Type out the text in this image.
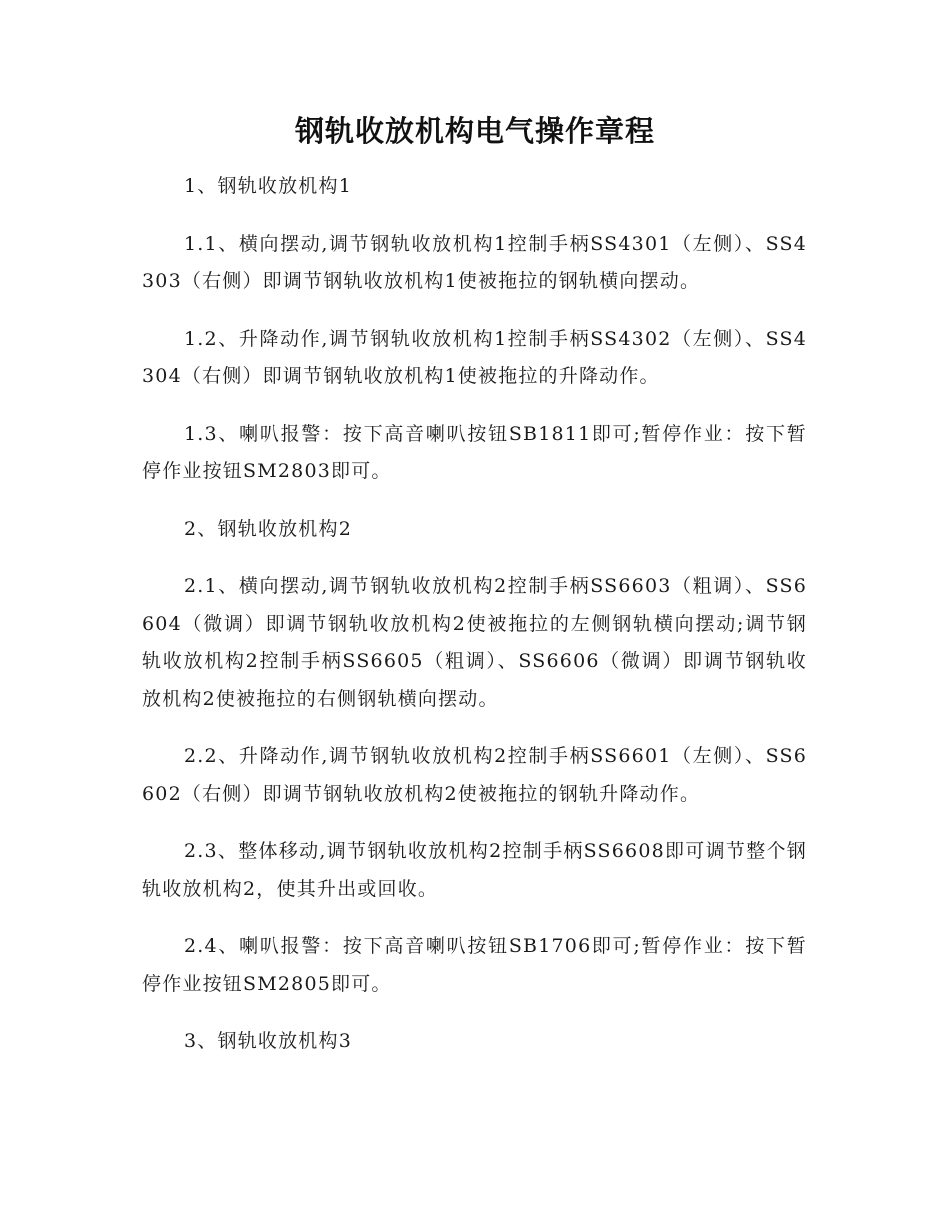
钢轨收放机构电气操作章程

1、钢轨收放机构1

1.1、横向摆动,调节钢轨收放机构1控制手柄SS4301（左侧）、SS4303（右侧）即调节钢轨收放机构1使被拖拉的钢轨横向摆动。

1.2、升降动作,调节钢轨收放机构1控制手柄SS4302（左侧）、SS4304（右侧）即调节钢轨收放机构1使被拖拉的升降动作。

1.3、喇叭报警：按下高音喇叭按钮SB1811即可;暂停作业：按下暂停作业按钮SM2803即可。

2、钢轨收放机构2

2.1、横向摆动,调节钢轨收放机构2控制手柄SS6603（粗调）、SS6604（微调）即调节钢轨收放机构2使被拖拉的左侧钢轨横向摆动;调节钢轨收放机构2控制手柄SS6605（粗调）、SS6606（微调）即调节钢轨收放机构2使被拖拉的右侧钢轨横向摆动。

2.2、升降动作,调节钢轨收放机构2控制手柄SS6601（左侧）、SS6602（右侧）即调节钢轨收放机构2使被拖拉的钢轨升降动作。

2.3、整体移动,调节钢轨收放机构2控制手柄SS6608即可调节整个钢轨收放机构2，使其升出或回收。

2.4、喇叭报警：按下高音喇叭按钮SB1706即可;暂停作业：按下暂停作业按钮SM2805即可。

3、钢轨收放机构3
